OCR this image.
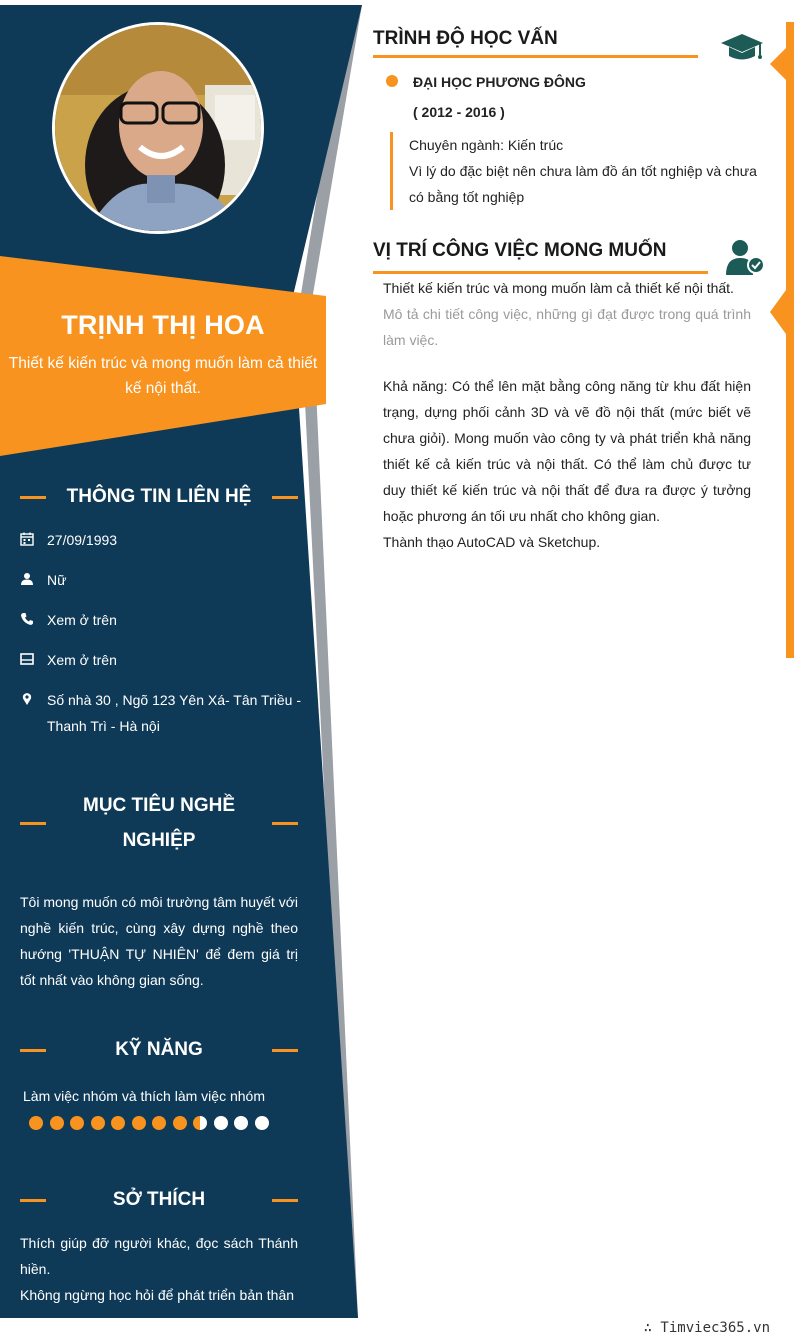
TRỊNH THỊ HOA
Thiết kế kiến trúc và mong muốn làm cả thiết kế nội thất.
THÔNG TIN LIÊN HỆ
27/09/1993
Nữ
Xem ở trên
Xem ở trên
Số nhà 30 , Ngõ 123 Yên Xá- Tân Triều - Thanh Trì - Hà nội
MỤC TIÊU NGHỀ NGHIỆP
Tôi mong muốn có môi trường tâm huyết với nghề kiến trúc, cùng xây dựng nghề theo hướng 'THUẬN TỰ NHIÊN' để đem giá trị tốt nhất vào không gian sống.
KỸ NĂNG
Làm việc nhóm và thích làm việc nhóm
SỞ THÍCH
Thích giúp đỡ người khác, đọc sách Thánh hiền.
Không ngừng học hỏi để phát triển bản thân
TRÌNH ĐỘ HỌC VẤN
ĐẠI HỌC PHƯƠNG ĐÔNG
( 2012 - 2016 )
Chuyên ngành: Kiến trúc
Vì lý do đặc biệt nên chưa làm đồ án tốt nghiệp và chưa có bằng tốt nghiệp
VỊ TRÍ CÔNG VIỆC MONG MUỐN
Thiết kế kiến trúc và mong muốn làm cả thiết kế nội thất.
Mô tả chi tiết công việc, những gì đạt được trong quá trình làm việc.
Khả năng: Có thể lên mặt bằng công năng từ khu đất hiện trạng, dựng phối cảnh 3D và vẽ đồ nội thất (mức biết vẽ chưa giỏi). Mong muốn vào công ty và phát triển khả năng thiết kế cả kiến trúc và nội thất. Có thể làm chủ được tư duy thiết kế kiến trúc và nội thất để đưa ra được ý tưởng hoặc phương án tối ưu nhất cho không gian.
Thành thạo AutoCAD và Sketchup.
∴ Timviec365.vn
